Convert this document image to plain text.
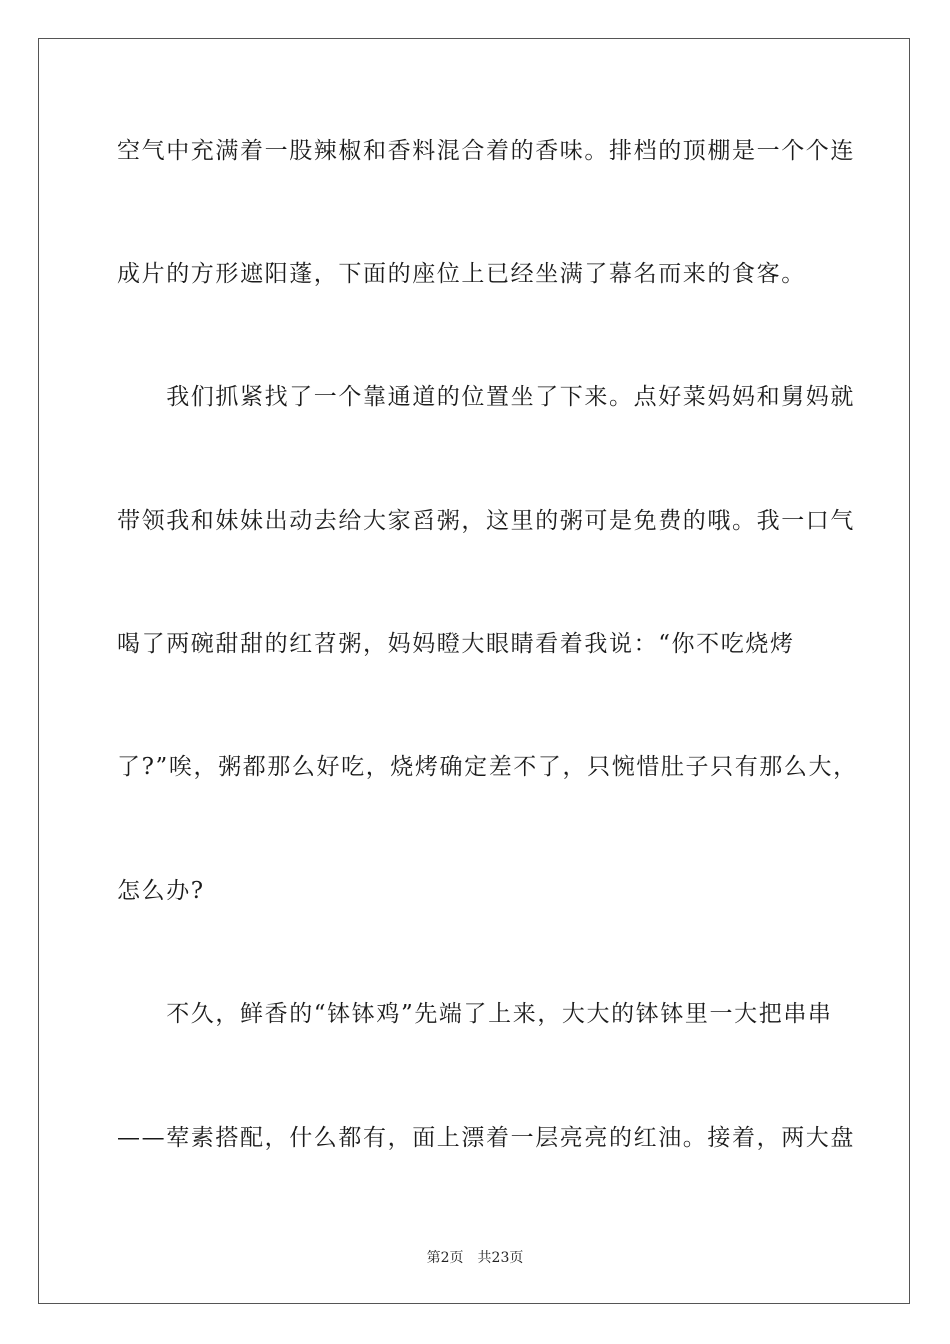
空气中充满着一股辣椒和香料混合着的香味。排档的顶棚是一个个连
成片的方形遮阳蓬，下面的座位上已经坐满了幕名而来的食客。
　　我们抓紧找了一个靠通道的位置坐了下来。点好菜妈妈和舅妈就
带领我和妹妹出动去给大家舀粥，这里的粥可是免费的哦。我一口气
喝了两碗甜甜的红苕粥，妈妈瞪大眼睛看着我说：“你不吃烧烤
了?”唉，粥都那么好吃，烧烤确定差不了，只惋惜肚子只有那么大，
怎么办?
　　不久，鲜香的“钵钵鸡”先端了上来，大大的钵钵里一大把串串
——荤素搭配，什么都有，面上漂着一层亮亮的红油。接着，两大盘
第2页　共23页
